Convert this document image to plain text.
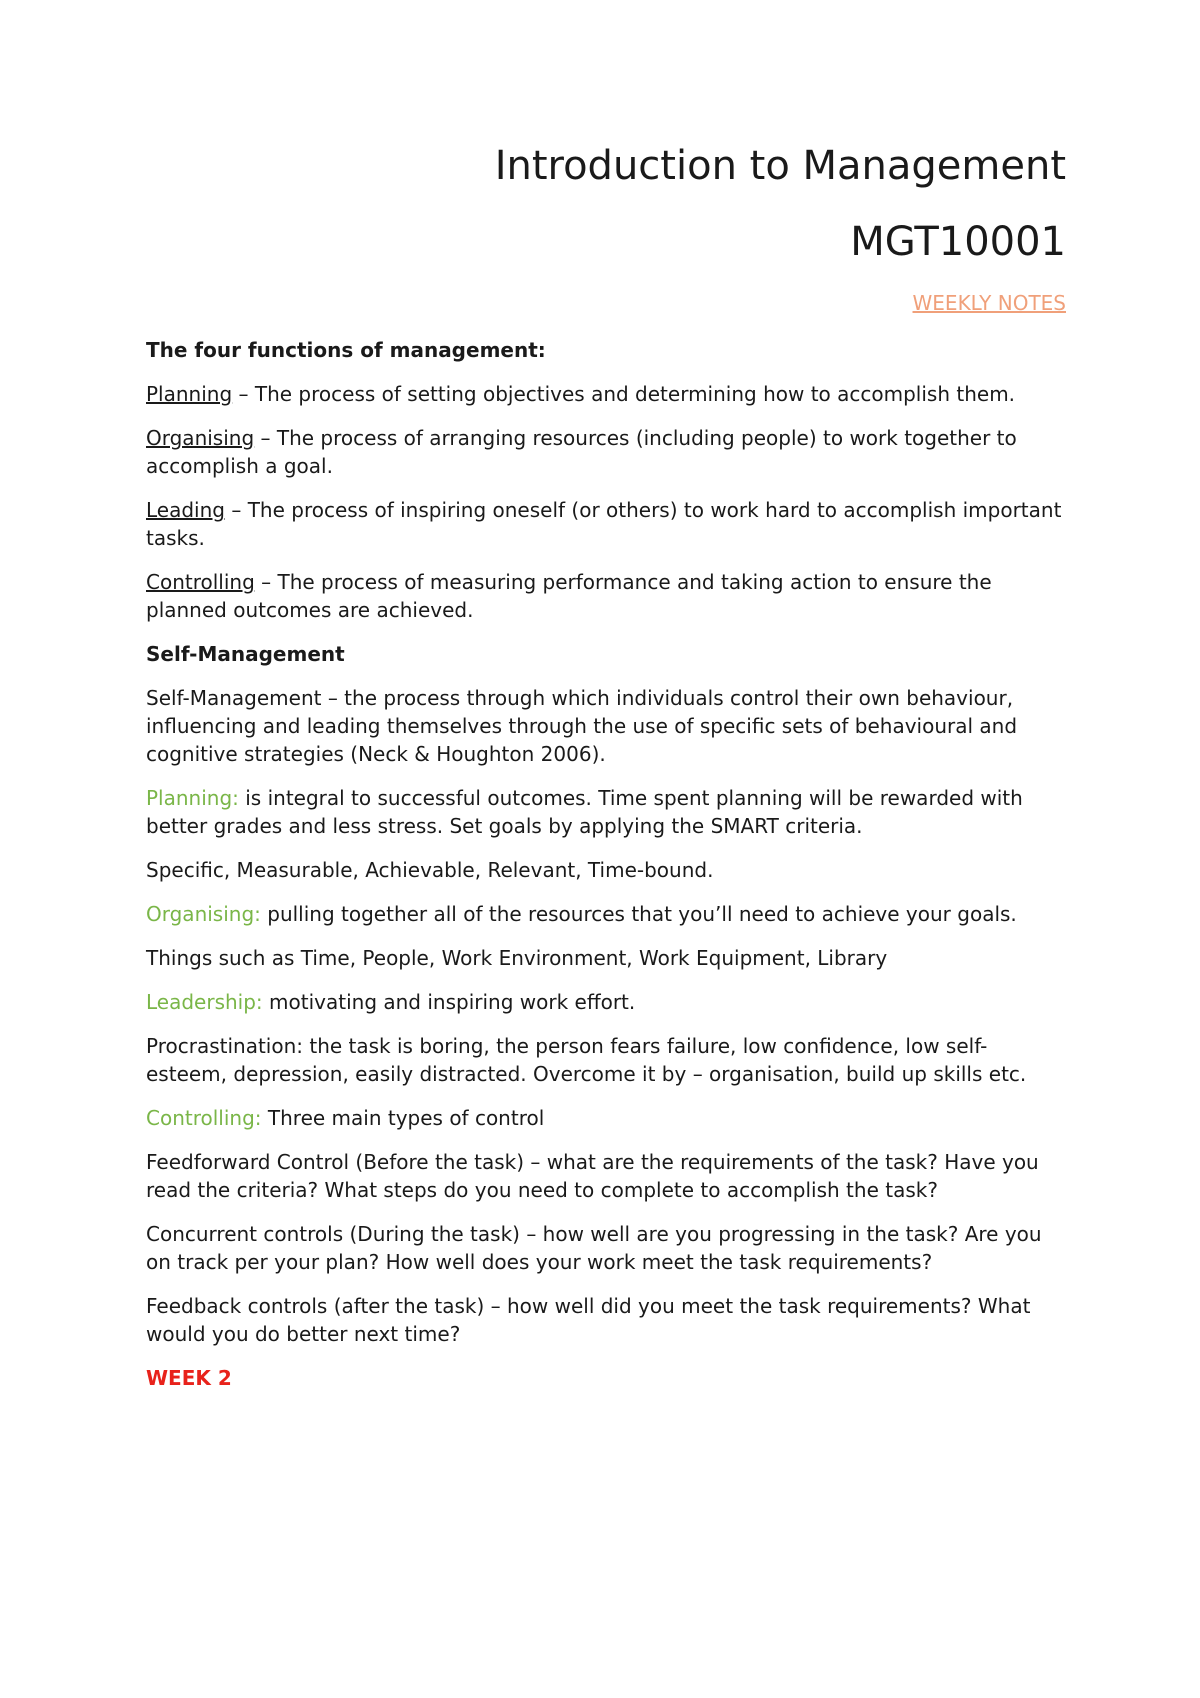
Introduction to Management
MGT10001
WEEKLY NOTES

The four functions of management:

Planning – The process of setting objectives and determining how to accomplish them.

Organising – The process of arranging resources (including people) to work together to accomplish a goal.

Leading – The process of inspiring oneself (or others) to work hard to accomplish important tasks.

Controlling – The process of measuring performance and taking action to ensure the planned outcomes are achieved.

Self-Management

Self-Management – the process through which individuals control their own behaviour, influencing and leading themselves through the use of specific sets of behavioural and cognitive strategies (Neck & Houghton 2006).

Planning: is integral to successful outcomes. Time spent planning will be rewarded with better grades and less stress. Set goals by applying the SMART criteria.

Specific, Measurable, Achievable, Relevant, Time-bound.

Organising: pulling together all of the resources that you’ll need to achieve your goals.

Things such as Time, People, Work Environment, Work Equipment, Library

Leadership: motivating and inspiring work effort.

Procrastination: the task is boring, the person fears failure, low confidence, low self-esteem, depression, easily distracted. Overcome it by – organisation, build up skills etc.

Controlling: Three main types of control

Feedforward Control (Before the task) – what are the requirements of the task? Have you read the criteria? What steps do you need to complete to accomplish the task?

Concurrent controls (During the task) – how well are you progressing in the task? Are you on track per your plan? How well does your work meet the task requirements?

Feedback controls (after the task) – how well did you meet the task requirements? What would you do better next time?

WEEK 2
